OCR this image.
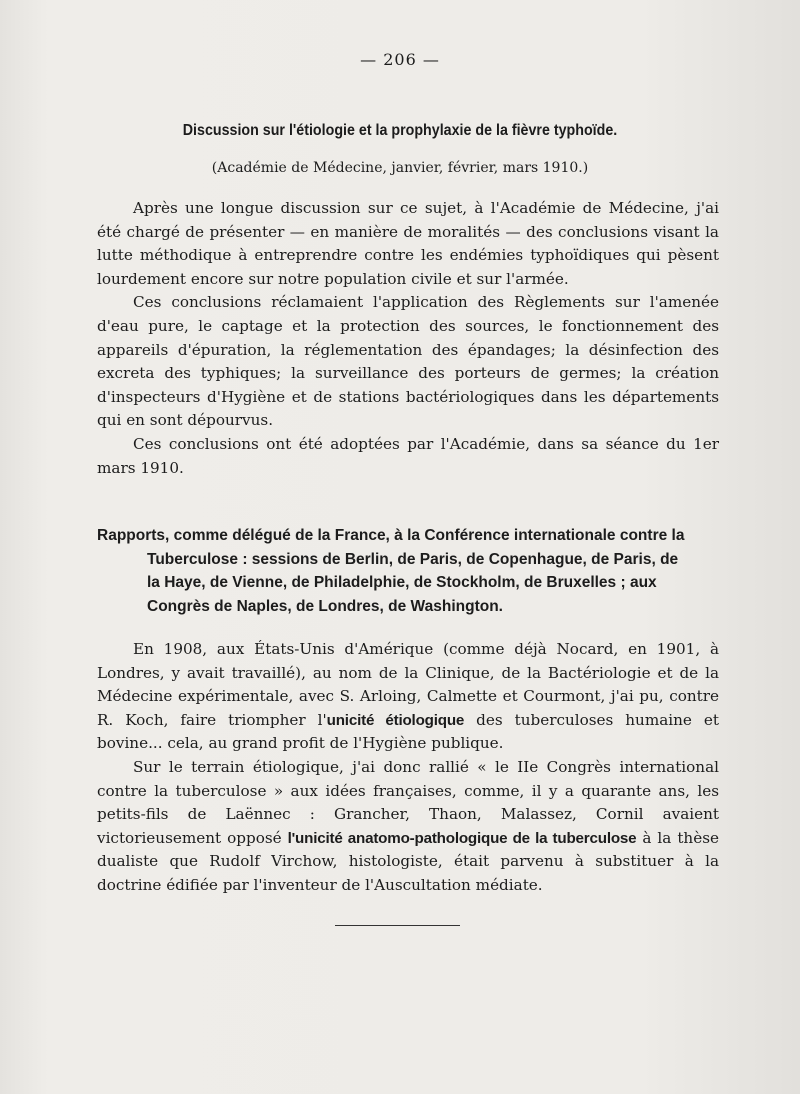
— 206 —
Discussion sur l'étiologie et la prophylaxie de la fièvre typhoïde.
(Académie de Médecine, janvier, février, mars 1910.)

Après une longue discussion sur ce sujet, à l'Académie de Médecine, j'ai été chargé de présenter — en manière de moralités — des conclusions visant la lutte méthodique à entreprendre contre les endémies typhoïdiques qui pèsent lourdement encore sur notre population civile et sur l'armée.

Ces conclusions réclamaient l'application des Règlements sur l'amenée d'eau pure, le captage et la protection des sources, le fonctionnement des appareils d'épuration, la réglementation des épandages; la désinfection des excreta des typhiques; la surveillance des porteurs de germes; la création d'inspecteurs d'Hygiène et de stations bactériologiques dans les départements qui en sont dépourvus.

Ces conclusions ont été adoptées par l'Académie, dans sa séance du 1er mars 1910.

Rapports, comme délégué de la France, à la Conférence internationale contre la
Tuberculose : sessions de Berlin, de Paris, de Copenhague, de Paris, de
la Haye, de Vienne, de Philadelphie, de Stockholm, de Bruxelles ; aux
Congrès de Naples, de Londres, de Washington.

En 1908, aux États-Unis d'Amérique (comme déjà Nocard, en 1901, à Londres, y avait travaillé), au nom de la Clinique, de la Bactériologie et de la Médecine expérimentale, avec S. Arloing, Calmette et Courmont, j'ai pu, contre R. Koch, faire triompher l'unicité étiologique des tuberculoses humaine et bovine... cela, au grand profit de l'Hygiène publique.

Sur le terrain étiologique, j'ai donc rallié « le IIe Congrès international contre la tuberculose » aux idées françaises, comme, il y a quarante ans, les petits-fils de Laënnec : Grancher, Thaon, Malassez, Cornil avaient victorieusement opposé l'unicité anatomo-pathologique de la tuberculose à la thèse dualiste que Rudolf Virchow, histologiste, était parvenu à substituer à la doctrine édifiée par l'inventeur de l'Auscultation médiate.
